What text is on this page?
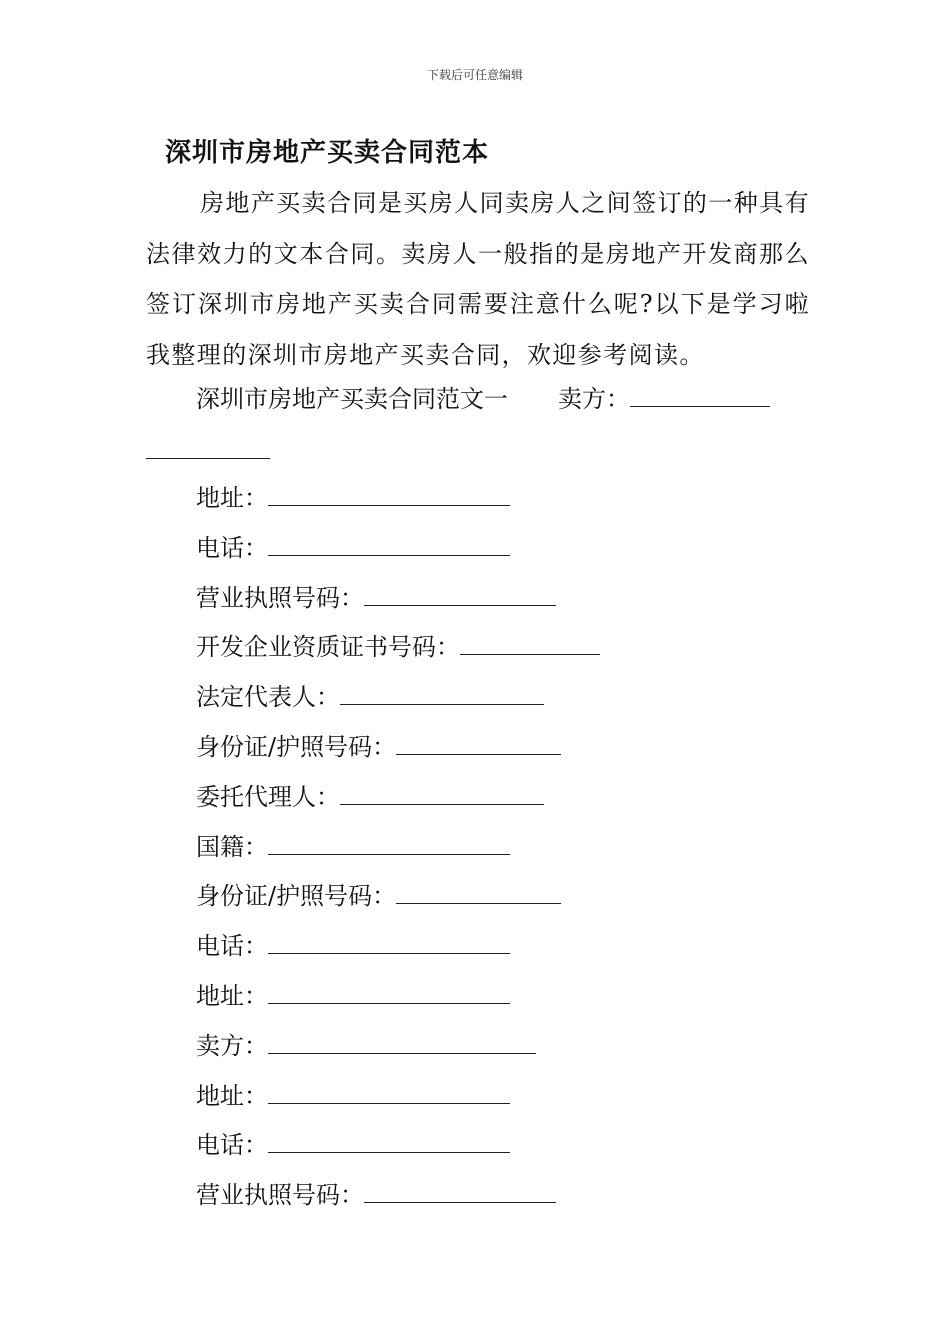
下载后可任意编辑
深圳市房地产买卖合同范本

房地产买卖合同是买房人同卖房人之间签订的一种具有法律效力的文本合同。卖房人一般指的是房地产开发商那么签订深圳市房地产买卖合同需要注意什么呢?以下是学习啦我整理的深圳市房地产买卖合同，欢迎参考阅读。

深圳市房地产买卖合同范文一 卖方：
地址：
电话：
营业执照号码：
开发企业资质证书号码：
法定代表人：
身份证/护照号码：
委托代理人：
国籍：
身份证/护照号码：
电话：
地址：
卖方：
地址：
电话：
营业执照号码：
